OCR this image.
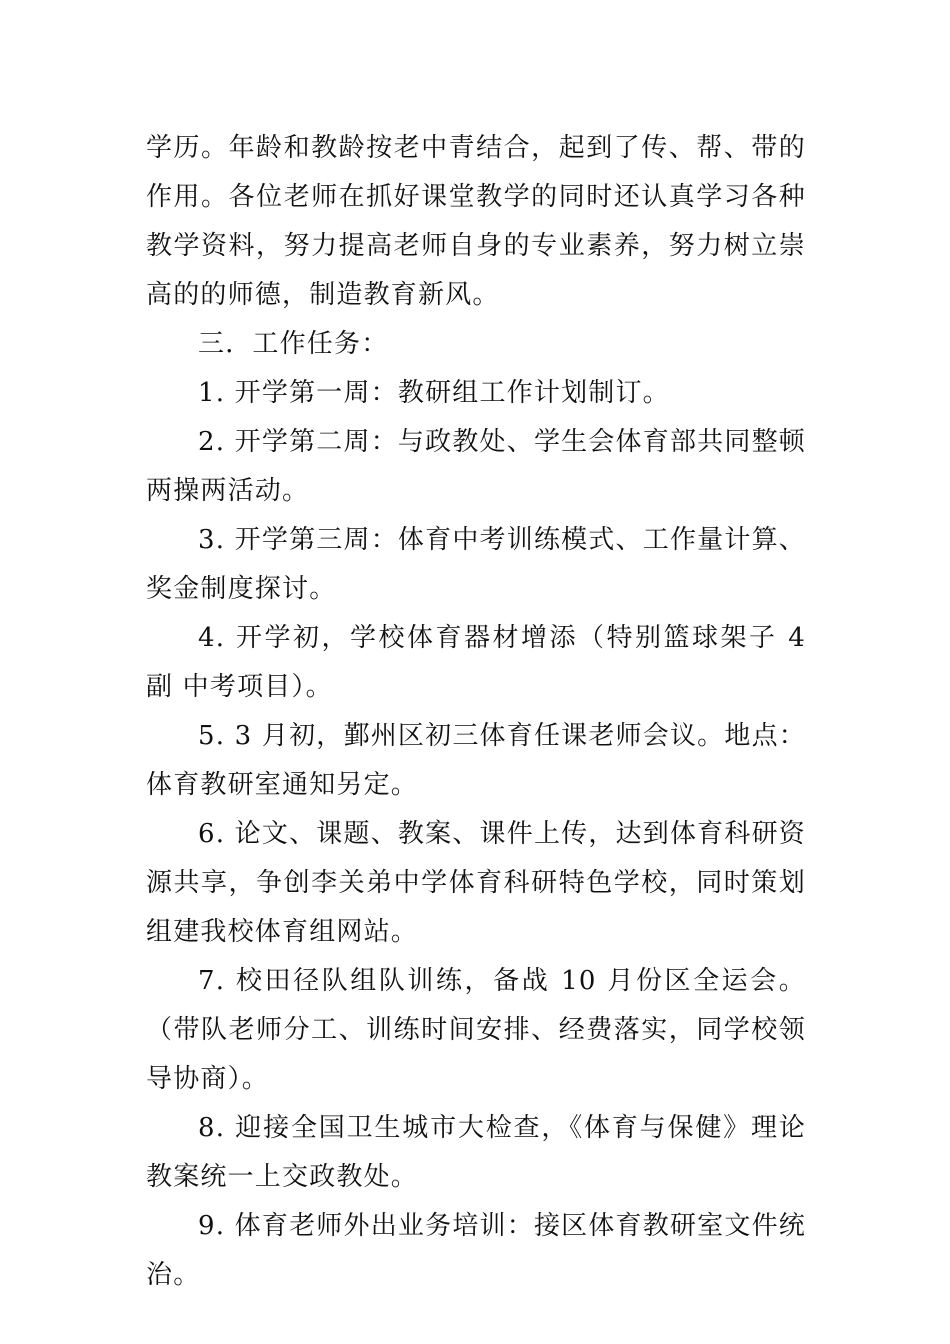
学历。年龄和教龄按老中青结合，起到了传、帮、带的作用。各位老师在抓好课堂教学的同时还认真学习各种教学资料，努力提高老师自身的专业素养，努力树立崇高的的师德，制造教育新风。

三．工作任务：

1. 开学第一周：教研组工作计划制订。

2. 开学第二周：与政教处、学生会体育部共同整顿两操两活动。

3. 开学第三周：体育中考训练模式、工作量计算、奖金制度探讨。

4. 开学初，学校体育器材增添（特别篮球架子 4 副 中考项目）。

5. 3 月初，鄞州区初三体育任课老师会议。地点：体育教研室通知另定。

6. 论文、课题、教案、课件上传，达到体育科研资源共享，争创李关弟中学体育科研特色学校，同时策划组建我校体育组网站。

7. 校田径队组队训练，备战 10 月份区全运会。（带队老师分工、训练时间安排、经费落实，同学校领导协商）。

8. 迎接全国卫生城市大检查，《体育与保健》理论教案统一上交政教处。

9. 体育老师外出业务培训：接区体育教研室文件统治。
